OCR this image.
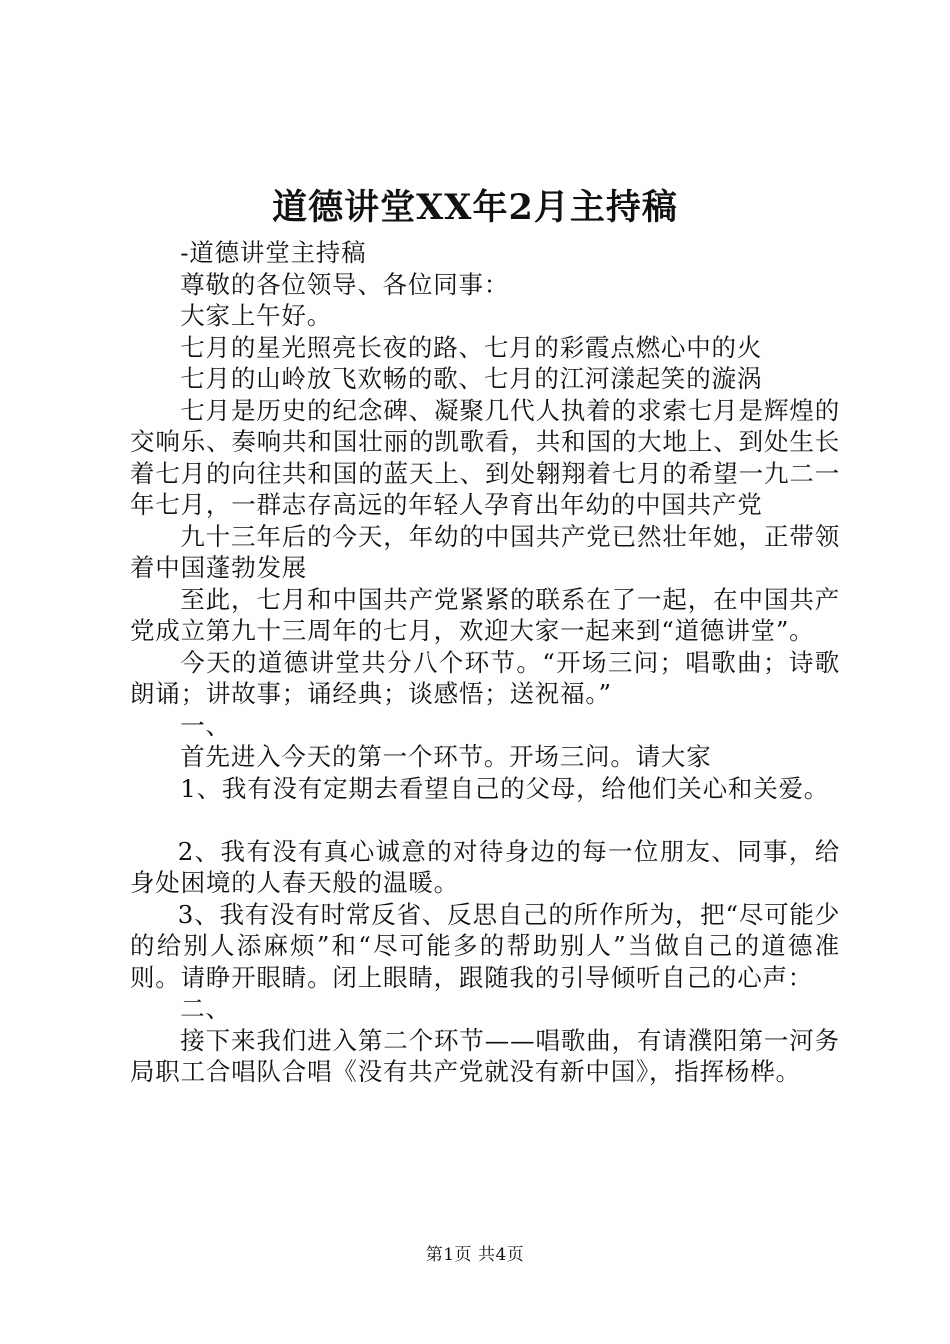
道德讲堂XX年2月主持稿

-道德讲堂主持稿

尊敬的各位领导、各位同事：

大家上午好。

七月的星光照亮长夜的路、七月的彩霞点燃心中的火

七月的山岭放飞欢畅的歌、七月的江河漾起笑的漩涡

七月是历史的纪念碑、凝聚几代人执着的求索七月是辉煌的交响乐、奏响共和国壮丽的凯歌看，共和国的大地上、到处生长着七月的向往共和国的蓝天上、到处翱翔着七月的希望一九二一年七月，一群志存高远的年轻人孕育出年幼的中国共产党

九十三年后的今天，年幼的中国共产党已然壮年她，正带领着中国蓬勃发展

至此，七月和中国共产党紧紧的联系在了一起，在中国共产党成立第九十三周年的七月，欢迎大家一起来到“道德讲堂”。

今天的道德讲堂共分八个环节。“开场三问；唱歌曲；诗歌朗诵；讲故事；诵经典；谈感悟；送祝福。”

一、

首先进入今天的第一个环节。开场三问。请大家

1、我有没有定期去看望自己的父母，给他们关心和关爱。

2、我有没有真心诚意的对待身边的每一位朋友、同事，给身处困境的人春天般的温暖。

3、我有没有时常反省、反思自己的所作所为，把“尽可能少的给别人添麻烦”和“尽可能多的帮助别人”当做自己的道德准则。请睁开眼睛。闭上眼睛，跟随我的引导倾听自己的心声：

二、

接下来我们进入第二个环节——唱歌曲，有请濮阳第一河务局职工合唱队合唱《没有共产党就没有新中国》，指挥杨桦。

第1页 共4页
